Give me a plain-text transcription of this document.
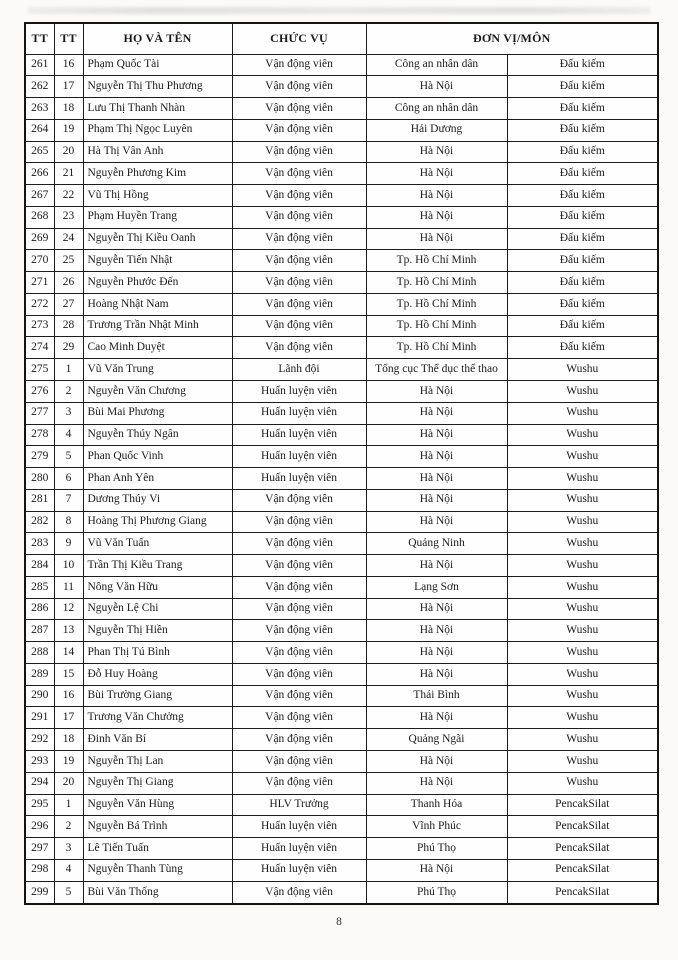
TT	TT	HỌ VÀ TÊN	CHỨC VỤ	ĐƠN VỊ/MÔN	
261	16	Phạm Quốc Tài	Vận động viên	Công an nhân dân	Đấu kiếm
262	17	Nguyễn Thị Thu Phương	Vận động viên	Hà Nội	Đấu kiếm
263	18	Lưu Thị Thanh Nhàn	Vận động viên	Công an nhân dân	Đấu kiếm
264	19	Phạm Thị Ngọc Luyên	Vận động viên	Hải Dương	Đấu kiếm
265	20	Hà Thị Vân Anh	Vận động viên	Hà Nội	Đấu kiếm
266	21	Nguyễn Phương Kim	Vận động viên	Hà Nội	Đấu kiếm
267	22	Vũ Thị Hồng	Vận động viên	Hà Nội	Đấu kiếm
268	23	Phạm Huyền Trang	Vận động viên	Hà Nội	Đấu kiếm
269	24	Nguyễn Thị Kiều Oanh	Vận động viên	Hà Nội	Đấu kiếm
270	25	Nguyễn Tiến Nhật	Vận động viên	Tp. Hồ Chí Minh	Đấu kiếm
271	26	Nguyễn Phước Đến	Vận động viên	Tp. Hồ Chí Minh	Đấu kiếm
272	27	Hoàng Nhật Nam	Vận động viên	Tp. Hồ Chí Minh	Đấu kiếm
273	28	Trương Trần Nhật Minh	Vận động viên	Tp. Hồ Chí Minh	Đấu kiếm
274	29	Cao Minh Duyệt	Vận động viên	Tp. Hồ Chí Minh	Đấu kiếm
275	1	Vũ Văn Trung	Lãnh đội	Tổng cục Thể dục thể thao	Wushu
276	2	Nguyễn Văn Chương	Huấn luyện viên	Hà Nội	Wushu
277	3	Bùi Mai Phương	Huấn luyện viên	Hà Nội	Wushu
278	4	Nguyễn Thúy Ngân	Huấn luyện viên	Hà Nội	Wushu
279	5	Phan Quốc Vinh	Huấn luyện viên	Hà Nội	Wushu
280	6	Phan Anh Yên	Huấn luyện viên	Hà Nội	Wushu
281	7	Dương Thúy Vi	Vận động viên	Hà Nội	Wushu
282	8	Hoàng Thị Phương Giang	Vận động viên	Hà Nội	Wushu
283	9	Vũ Văn Tuấn	Vận động viên	Quảng Ninh	Wushu
284	10	Trần Thị Kiều Trang	Vận động viên	Hà Nội	Wushu
285	11	Nông Văn Hữu	Vận động viên	Lạng Sơn	Wushu
286	12	Nguyễn Lệ Chi	Vận động viên	Hà Nội	Wushu
287	13	Nguyễn Thị Hiền	Vận động viên	Hà Nội	Wushu
288	14	Phan Thị Tú Bình	Vận động viên	Hà Nội	Wushu
289	15	Đỗ Huy Hoàng	Vận động viên	Hà Nội	Wushu
290	16	Bùi Trường Giang	Vận động viên	Thái Bình	Wushu
291	17	Trương Văn Chưởng	Vận động viên	Hà Nội	Wushu
292	18	Đinh Văn Bí	Vận động viên	Quảng Ngãi	Wushu
293	19	Nguyễn Thị Lan	Vận động viên	Hà Nội	Wushu
294	20	Nguyễn Thị Giang	Vận động viên	Hà Nội	Wushu
295	1	Nguyễn Văn Hùng	HLV Trưởng	Thanh Hóa	PencakSilat
296	2	Nguyễn Bá Trình	Huấn luyện viên	Vĩnh Phúc	PencakSilat
297	3	Lê Tiến Tuấn	Huấn luyện viên	Phú Thọ	PencakSilat
298	4	Nguyễn Thanh Tùng	Huấn luyện viên	Hà Nội	PencakSilat
299	5	Bùi Văn Thống	Vận động viên	Phú Thọ	PencakSilat
8
